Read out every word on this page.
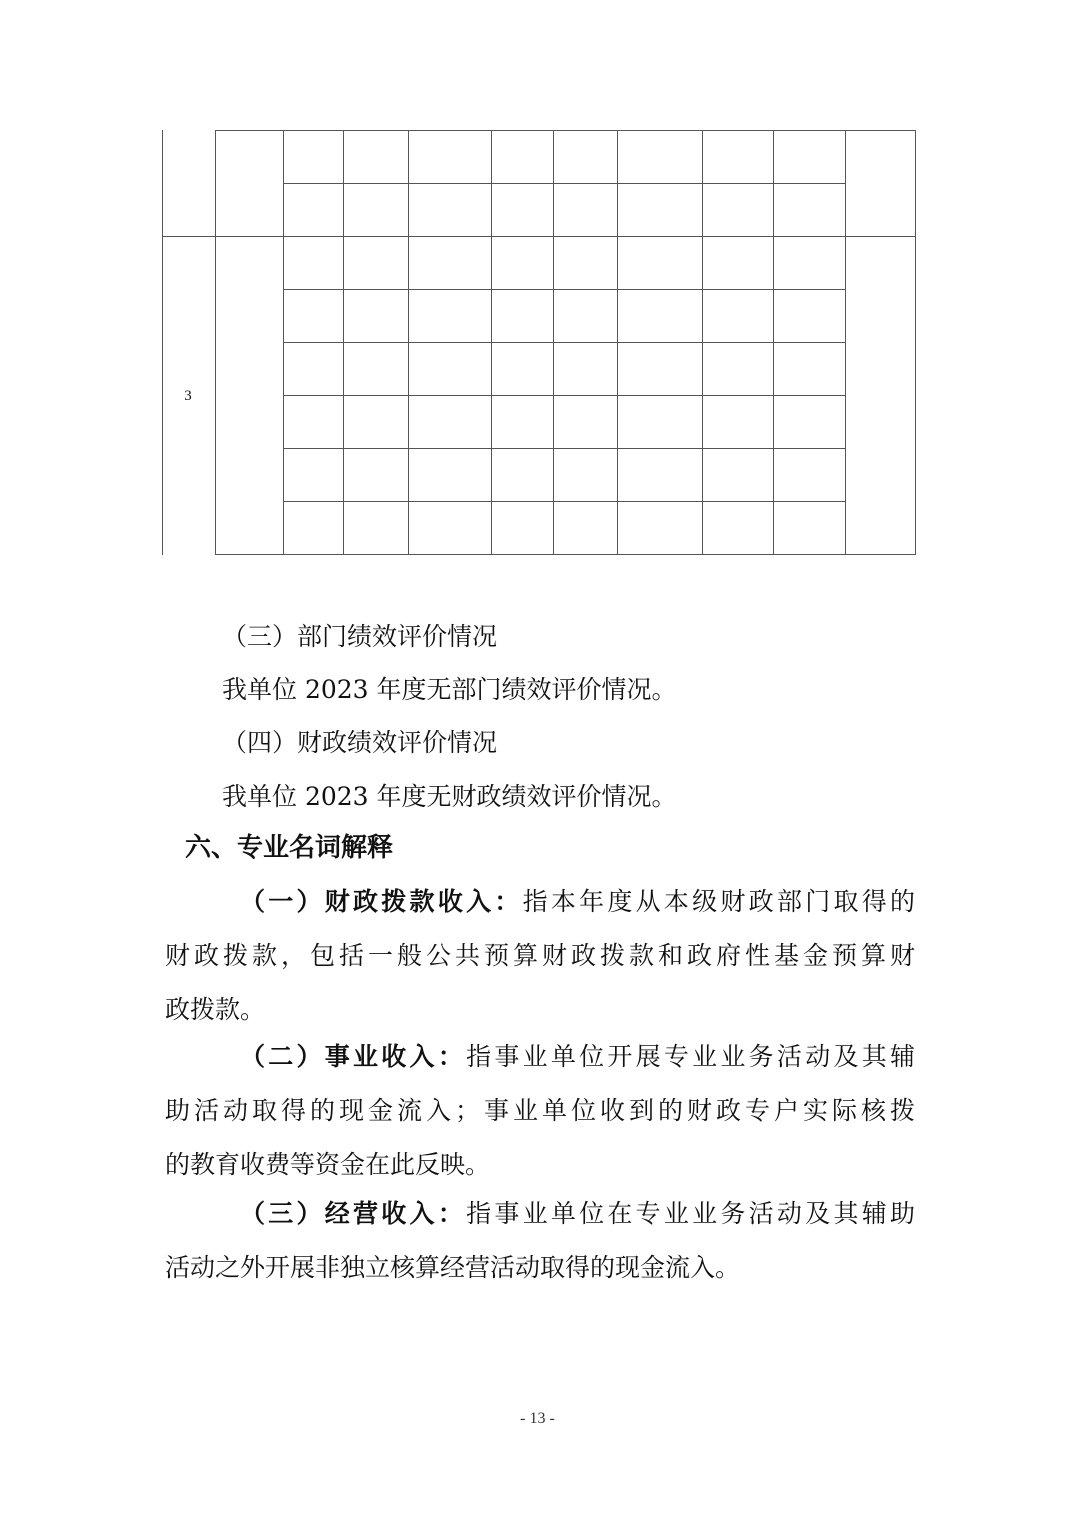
3
（三）部门绩效评价情况
我单位 2023 年度无部门绩效评价情况。
（四）财政绩效评价情况
我单位 2023 年度无财政绩效评价情况。
六、专业名词解释
（一）财政拨款收入：指本年度从本级财政部门取得的
财政拨款，包括一般公共预算财政拨款和政府性基金预算财
政拨款。
（二）事业收入：指事业单位开展专业业务活动及其辅
助活动取得的现金流入；事业单位收到的财政专户实际核拨
的教育收费等资金在此反映。
（三）经营收入：指事业单位在专业业务活动及其辅助
活动之外开展非独立核算经营活动取得的现金流入。
- 13 -
